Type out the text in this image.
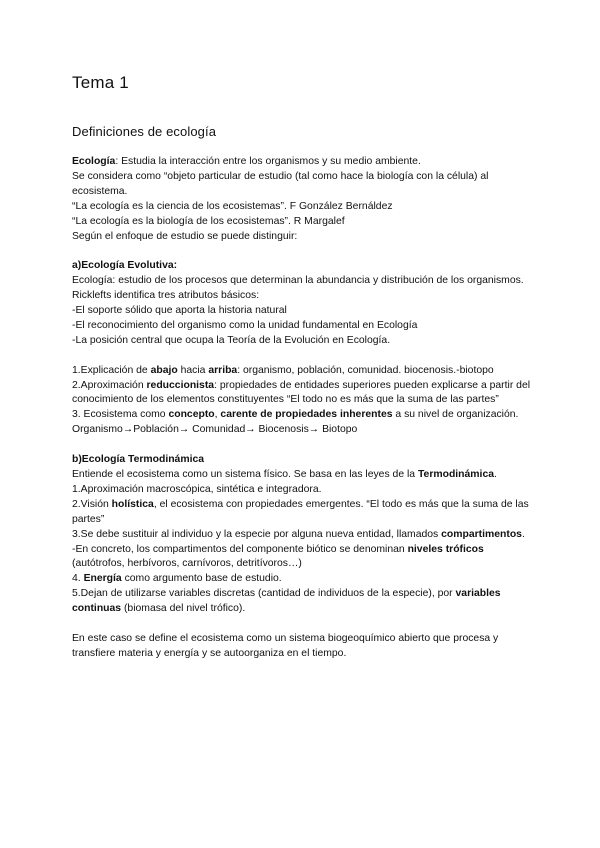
Tema 1
Definiciones de ecología

Ecología: Estudia la interacción entre los organismos y su medio ambiente.

Se considera como “objeto particular de estudio (tal como hace la biología con la célula) al ecosistema.

“La ecología es la ciencia de los ecosistemas”. F González Bernáldez

“La ecología es la biología de los ecosistemas”. R Margalef

Según el enfoque de estudio se puede distinguir:

a)Ecología Evolutiva:

Ecología: estudio de los procesos que determinan la abundancia y distribución de los organismos.

Ricklefts identifica tres atributos básicos:

-El soporte sólido que aporta la historia natural

-El reconocimiento del organismo como la unidad fundamental en Ecología

-La posición central que ocupa la Teoría de la Evolución en Ecología.

1.Explicación de abajo hacia arriba: organismo, población, comunidad. biocenosis.-biotopo

2.Aproximación reduccionista: propiedades de entidades superiores pueden explicarse a partir del conocimiento de los elementos constituyentes “El todo no es más que la suma de las partes”

3. Ecosistema como concepto, carente de propiedades inherentes a su nivel de organización.

Organismo→Población→ Comunidad→ Biocenosis→ Biotopo

b)Ecología Termodinámica

Entiende el ecosistema como un sistema físico. Se basa en las leyes de la Termodinámica.

1.Aproximación macroscópica, sintética e integradora.

2.Visión holística, el ecosistema con propiedades emergentes. “El todo es más que la suma de las partes”

3.Se debe sustituir al individuo y la especie por alguna nueva entidad, llamados compartimentos.

-En concreto, los compartimentos del componente biótico se denominan niveles tróficos (autótrofos, herbívoros, carnívoros, detritívoros…)

4. Energía como argumento base de estudio.

5.Dejan de utilizarse variables discretas (cantidad de individuos de la especie), por variables continuas (biomasa del nivel trófico).

En este caso se define el ecosistema como un sistema biogeoquímico abierto que procesa y transfiere materia y energía y se autoorganiza en el tiempo.
